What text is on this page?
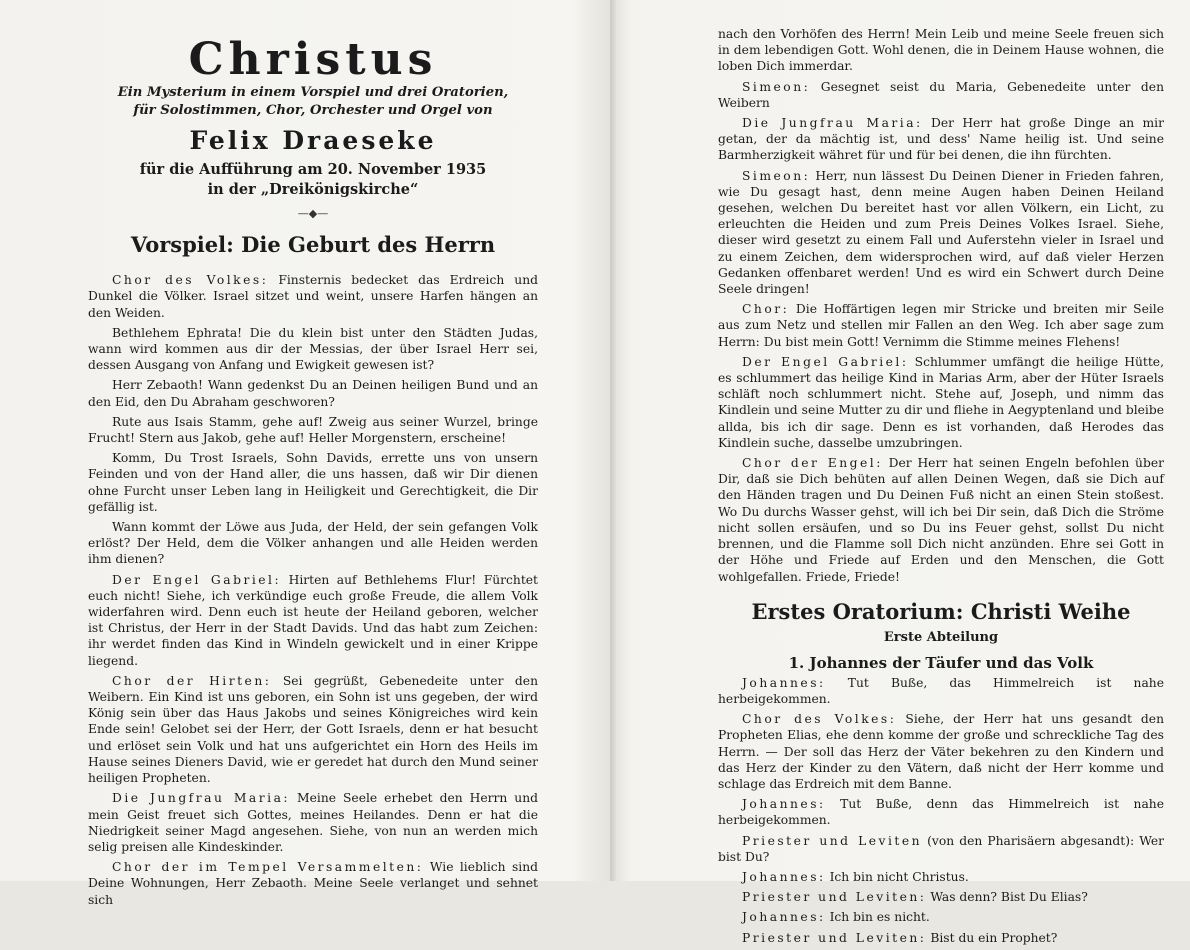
Christus
Ein Mysterium in einem Vorspiel und drei Oratorien,
für Solostimmen, Chor, Orchester und Orgel von
Felix Draeseke
für die Aufführung am 20. November 1935
in der „Dreikönigskirche“
—◆—
Vorspiel: Die Geburt des Herrn

Chor des Volkes: Finsternis bedecket das Erdreich und Dunkel die Völker. Israel sitzet und weint, unsere Harfen hängen an den Weiden.

Bethlehem Ephrata! Die du klein bist unter den Städten Judas, wann wird kommen aus dir der Messias, der über Israel Herr sei, dessen Ausgang von Anfang und Ewigkeit gewesen ist?

Herr Zebaoth! Wann gedenkst Du an Deinen heiligen Bund und an den Eid, den Du Abraham geschworen?

Rute aus Isais Stamm, gehe auf! Zweig aus seiner Wurzel, bringe Frucht! Stern aus Jakob, gehe auf! Heller Morgenstern, erscheine!

Komm, Du Trost Israels, Sohn Davids, errette uns von unsern Feinden und von der Hand aller, die uns hassen, daß wir Dir dienen ohne Furcht unser Leben lang in Heiligkeit und Gerechtigkeit, die Dir gefällig ist.

Wann kommt der Löwe aus Juda, der Held, der sein gefangen Volk erlöst? Der Held, dem die Völker anhangen und alle Heiden werden ihm dienen?

Der Engel Gabriel: Hirten auf Bethlehems Flur! Fürchtet euch nicht! Siehe, ich verkündige euch große Freude, die allem Volk widerfahren wird. Denn euch ist heute der Heiland geboren, welcher ist Christus, der Herr in der Stadt Davids. Und das habt zum Zeichen: ihr werdet finden das Kind in Windeln gewickelt und in einer Krippe liegend.

Chor der Hirten: Sei gegrüßt, Gebenedeite unter den Weibern. Ein Kind ist uns geboren, ein Sohn ist uns gegeben, der wird König sein über das Haus Jakobs und seines Königreiches wird kein Ende sein! Gelobet sei der Herr, der Gott Israels, denn er hat besucht und erlöset sein Volk und hat uns aufgerichtet ein Horn des Heils im Hause seines Dieners David, wie er geredet hat durch den Mund seiner heiligen Propheten.

Die Jungfrau Maria: Meine Seele erhebet den Herrn und mein Geist freuet sich Gottes, meines Heilandes. Denn er hat die Niedrigkeit seiner Magd angesehen. Siehe, von nun an werden mich selig preisen alle Kindeskinder.

Chor der im Tempel Versammelten: Wie lieblich sind Deine Wohnungen, Herr Zebaoth. Meine Seele verlanget und sehnet sich

nach den Vorhöfen des Herrn! Mein Leib und meine Seele freuen sich in dem lebendigen Gott. Wohl denen, die in Deinem Hause wohnen, die loben Dich immerdar.

Simeon: Gesegnet seist du Maria, Gebenedeite unter den Weibern

Die Jungfrau Maria: Der Herr hat große Dinge an mir getan, der da mächtig ist, und dess' Name heilig ist. Und seine Barmherzigkeit währet für und für bei denen, die ihn fürchten.

Simeon: Herr, nun lässest Du Deinen Diener in Frieden fahren, wie Du gesagt hast, denn meine Augen haben Deinen Heiland gesehen, welchen Du bereitet hast vor allen Völkern, ein Licht, zu erleuchten die Heiden und zum Preis Deines Volkes Israel. Siehe, dieser wird gesetzt zu einem Fall und Auferstehn vieler in Israel und zu einem Zeichen, dem widersprochen wird, auf daß vieler Herzen Gedanken offenbaret werden! Und es wird ein Schwert durch Deine Seele dringen!

Chor: Die Hoffärtigen legen mir Stricke und breiten mir Seile aus zum Netz und stellen mir Fallen an den Weg. Ich aber sage zum Herrn: Du bist mein Gott! Vernimm die Stimme meines Flehens!

Der Engel Gabriel: Schlummer umfängt die heilige Hütte, es schlummert das heilige Kind in Marias Arm, aber der Hüter Israels schläft noch schlummert nicht. Stehe auf, Joseph, und nimm das Kindlein und seine Mutter zu dir und fliehe in Aegyptenland und bleibe allda, bis ich dir sage. Denn es ist vorhanden, daß Herodes das Kindlein suche, dasselbe umzubringen.

Chor der Engel: Der Herr hat seinen Engeln befohlen über Dir, daß sie Dich behüten auf allen Deinen Wegen, daß sie Dich auf den Händen tragen und Du Deinen Fuß nicht an einen Stein stoßest. Wo Du durchs Wasser gehst, will ich bei Dir sein, daß Dich die Ströme nicht sollen ersäufen, und so Du ins Feuer gehst, sollst Du nicht brennen, und die Flamme soll Dich nicht anzünden. Ehre sei Gott in der Höhe und Friede auf Erden und den Menschen, die Gott wohlgefallen. Friede, Friede!

Erstes Oratorium: Christi Weihe
Erste Abteilung
1. Johannes der Täufer und das Volk

Johannes: Tut Buße, das Himmelreich ist nahe herbeigekommen.

Chor des Volkes: Siehe, der Herr hat uns gesandt den Propheten Elias, ehe denn komme der große und schreckliche Tag des Herrn. — Der soll das Herz der Väter bekehren zu den Kindern und das Herz der Kinder zu den Vätern, daß nicht der Herr komme und schlage das Erdreich mit dem Banne.

Johannes: Tut Buße, denn das Himmelreich ist nahe herbeigekommen.

Priester und Leviten (von den Pharisäern abgesandt): Wer bist Du?

Johannes: Ich bin nicht Christus.

Priester und Leviten: Was denn? Bist Du Elias?

Johannes: Ich bin es nicht.

Priester und Leviten: Bist du ein Prophet?
